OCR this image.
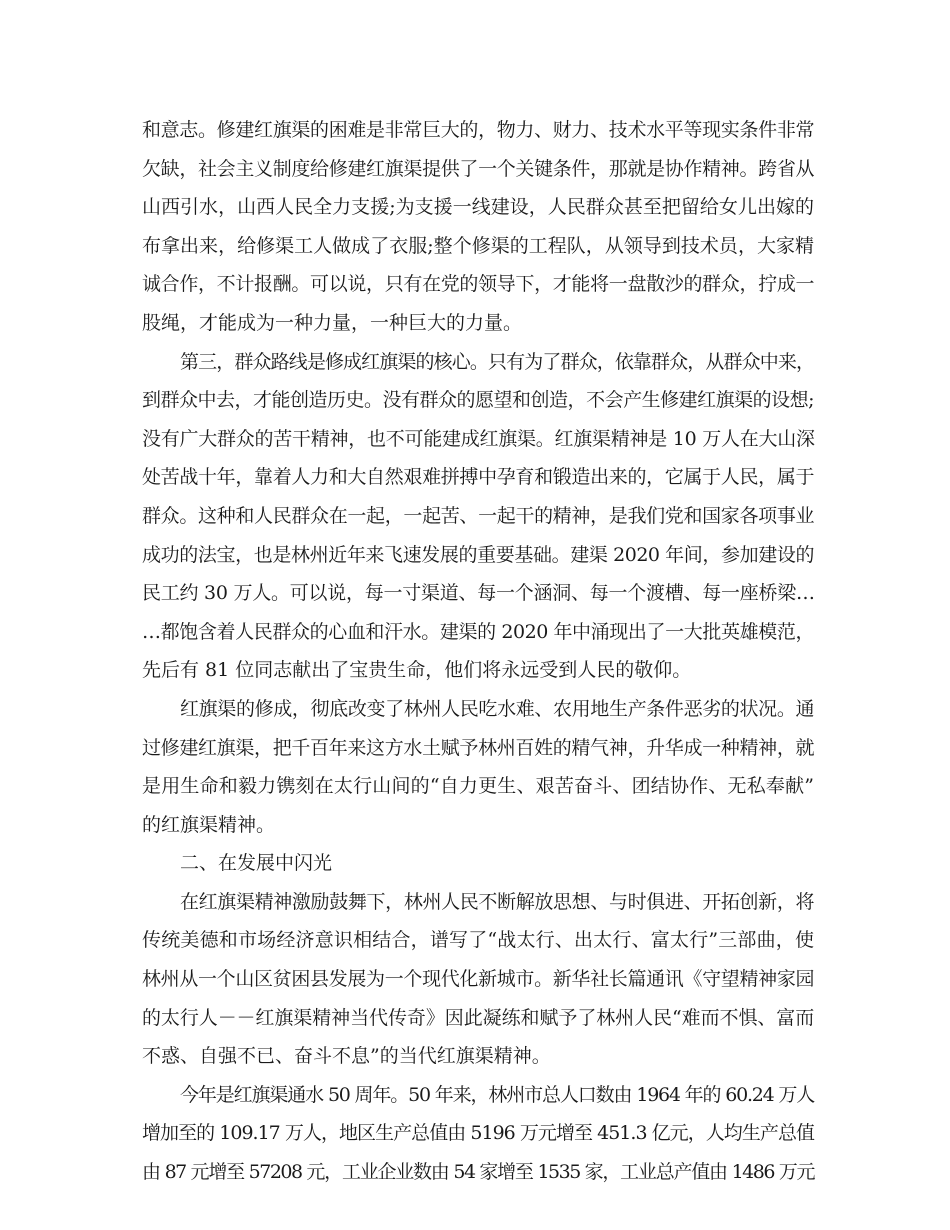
和意志。修建红旗渠的困难是非常巨大的，物力、财力、技术水平等现实条件非常
欠缺，社会主义制度给修建红旗渠提供了一个关键条件，那就是协作精神。跨省从
山西引水，山西人民全力支援;为支援一线建设，人民群众甚至把留给女儿出嫁的
布拿出来，给修渠工人做成了衣服;整个修渠的工程队，从领导到技术员，大家精
诚合作，不计报酬。可以说，只有在党的领导下，才能将一盘散沙的群众，拧成一
股绳，才能成为一种力量，一种巨大的力量。
第三，群众路线是修成红旗渠的核心。只有为了群众，依靠群众，从群众中来，
到群众中去，才能创造历史。没有群众的愿望和创造，不会产生修建红旗渠的设想;
没有广大群众的苦干精神，也不可能建成红旗渠。红旗渠精神是 10 万人在大山深
处苦战十年，靠着人力和大自然艰难拼搏中孕育和锻造出来的，它属于人民，属于
群众。这种和人民群众在一起，一起苦、一起干的精神，是我们党和国家各项事业
成功的法宝，也是林州近年来飞速发展的重要基础。建渠 2020 年间，参加建设的
民工约 30 万人。可以说，每一寸渠道、每一个涵洞、每一个渡槽、每一座桥梁…
…都饱含着人民群众的心血和汗水。建渠的 2020 年中涌现出了一大批英雄模范，
先后有 81 位同志献出了宝贵生命，他们将永远受到人民的敬仰。
红旗渠的修成，彻底改变了林州人民吃水难、农用地生产条件恶劣的状况。通
过修建红旗渠，把千百年来这方水土赋予林州百姓的精气神，升华成一种精神，就
是用生命和毅力镌刻在太行山间的“自力更生、艰苦奋斗、团结协作、无私奉献”
的红旗渠精神。
二、在发展中闪光
在红旗渠精神激励鼓舞下，林州人民不断解放思想、与时俱进、开拓创新，将
传统美德和市场经济意识相结合，谱写了“战太行、出太行、富太行”三部曲，使
林州从一个山区贫困县发展为一个现代化新城市。新华社长篇通讯《守望精神家园
的太行人－－红旗渠精神当代传奇》因此凝练和赋予了林州人民“难而不惧、富而
不惑、自强不已、奋斗不息”的当代红旗渠精神。
今年是红旗渠通水 50 周年。50 年来，林州市总人口数由 1964 年的 60.24 万人
增加至的 109.17 万人，地区生产总值由 5196 万元增至 451.3 亿元，人均生产总值
由 87 元增至 57208 元，工业企业数由 54 家增至 1535 家，工业总产值由 1486 万元
